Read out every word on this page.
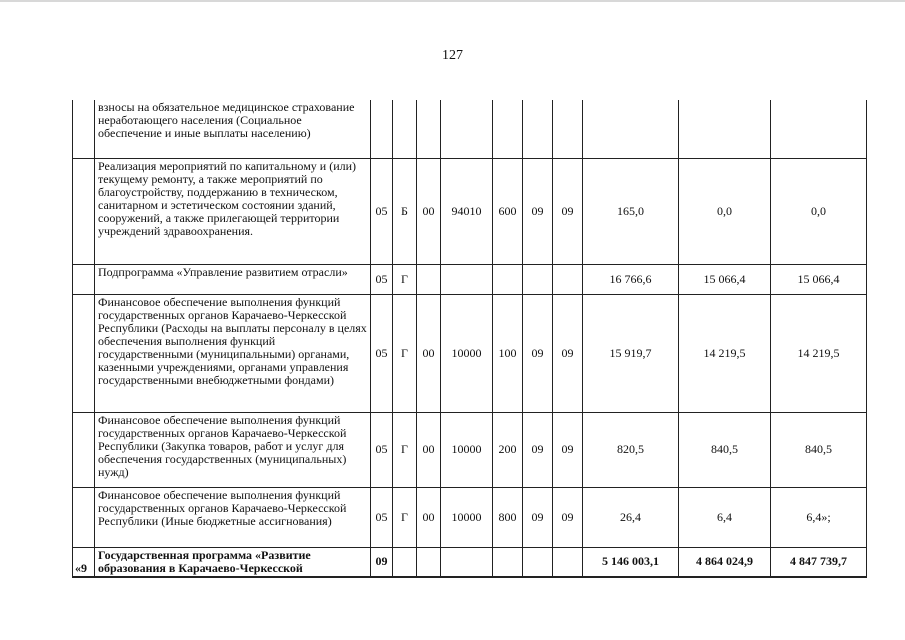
127
	взносы на обязательное медицинское страхование неработающего населения (Социальное обеспечение и иные выплаты населению)										
	Реализация мероприятий по капитальному и (или) текущему ремонту, а также мероприятий по благоустройству, поддержанию в техническом, санитарном и эстетическом состоянии зданий, сооружений, а также прилегающей территории учреждений здравоохранения.	05	Б	00	94010	600	09	09	165,0	0,0	0,0
	Подпрограмма «Управление развитием отрасли»	05	Г						16 766,6	15 066,4	15 066,4
	Финансовое обеспечение выполнения функций государственных органов Карачаево-Черкесской Республики (Расходы на выплаты персоналу в целях обеспечения выполнения функций государственными (муниципальными) органами, казенными учреждениями, органами управления государственными внебюджетными фондами)	05	Г	00	10000	100	09	09	15 919,7	14 219,5	14 219,5
	Финансовое обеспечение выполнения функций государственных органов Карачаево-Черкесской Республики (Закупка товаров, работ и услуг для обеспечения государственных (муниципальных) нужд)	05	Г	00	10000	200	09	09	820,5	840,5	840,5
	Финансовое обеспечение выполнения функций государственных органов Карачаево-Черкесской Республики (Иные бюджетные ассигнования)	05	Г	00	10000	800	09	09	26,4	6,4	6,4»;
«9	Государственная программа «Развитие образования в Карачаево-Черкесской	09							5 146 003,1	4 864 024,9	4 847 739,7
